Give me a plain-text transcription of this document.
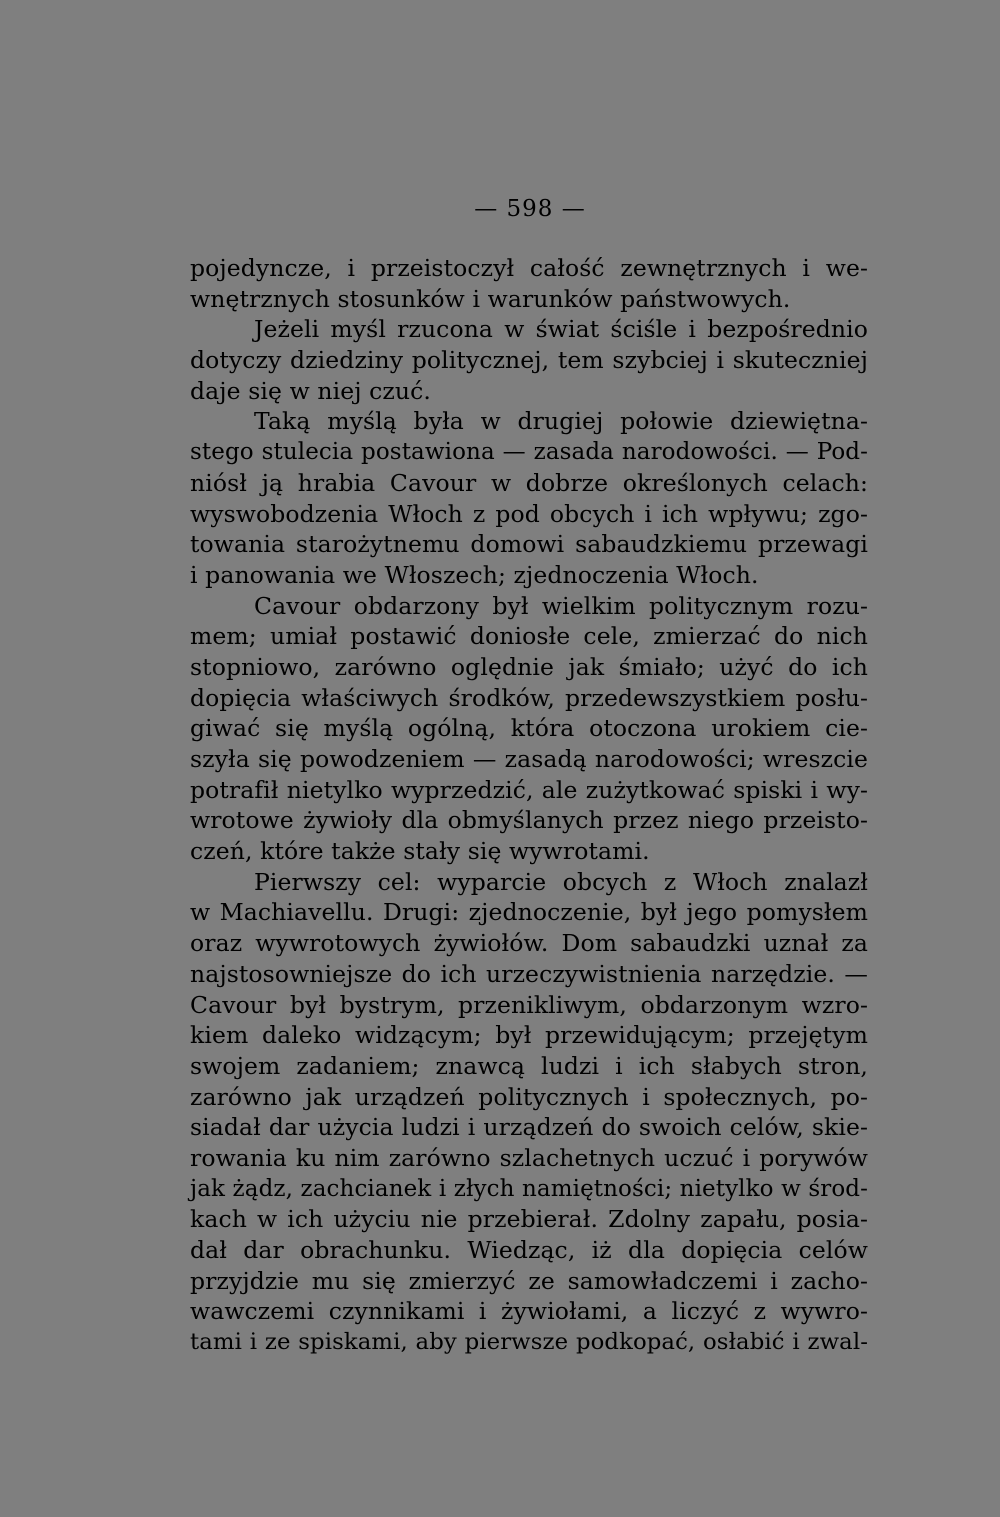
— 598 —
pojedyncze, i przeistoczył całość zewnętrznych i we-
wnętrznych stosunków i warunków państwowych.
Jeżeli myśl rzucona w świat ściśle i bezpośrednio
dotyczy dziedziny politycznej, tem szybciej i skuteczniej
daje się w niej czuć.
Taką myślą była w drugiej połowie dziewiętna-
stego stulecia postawiona — zasada narodowości. — Pod-
niósł ją hrabia Cavour w dobrze określonych celach:
wyswobodzenia Włoch z pod obcych i ich wpływu; zgo-
towania starożytnemu domowi sabaudzkiemu przewagi
i panowania we Włoszech; zjednoczenia Włoch.
Cavour obdarzony był wielkim politycznym rozu-
mem; umiał postawić doniosłe cele, zmierzać do nich
stopniowo, zarówno oględnie jak śmiało; użyć do ich
dopięcia właściwych środków, przedewszystkiem posłu-
giwać się myślą ogólną, która otoczona urokiem cie-
szyła się powodzeniem — zasadą narodowości; wreszcie
potrafił nietylko wyprzedzić, ale zużytkować spiski i wy-
wrotowe żywioły dla obmyślanych przez niego przeisto-
czeń, które także stały się wywrotami.
Pierwszy cel: wyparcie obcych z Włoch znalazł
w Machiavellu. Drugi: zjednoczenie, był jego pomysłem
oraz wywrotowych żywiołów. Dom sabaudzki uznał za
najstosowniejsze do ich urzeczywistnienia narzędzie. —
Cavour był bystrym, przenikliwym, obdarzonym wzro-
kiem daleko widzącym; był przewidującym; przejętym
swojem zadaniem; znawcą ludzi i ich słabych stron,
zarówno jak urządzeń politycznych i społecznych, po-
siadał dar użycia ludzi i urządzeń do swoich celów, skie-
rowania ku nim zarówno szlachetnych uczuć i porywów
jak żądz, zachcianek i złych namiętności; nietylko w środ-
kach w ich użyciu nie przebierał. Zdolny zapału, posia-
dał dar obrachunku. Wiedząc, iż dla dopięcia celów
przyjdzie mu się zmierzyć ze samowładczemi i zacho-
wawczemi czynnikami i żywiołami, a liczyć z wywro-
tami i ze spiskami, aby pierwsze podkopać, osłabić i zwal-
